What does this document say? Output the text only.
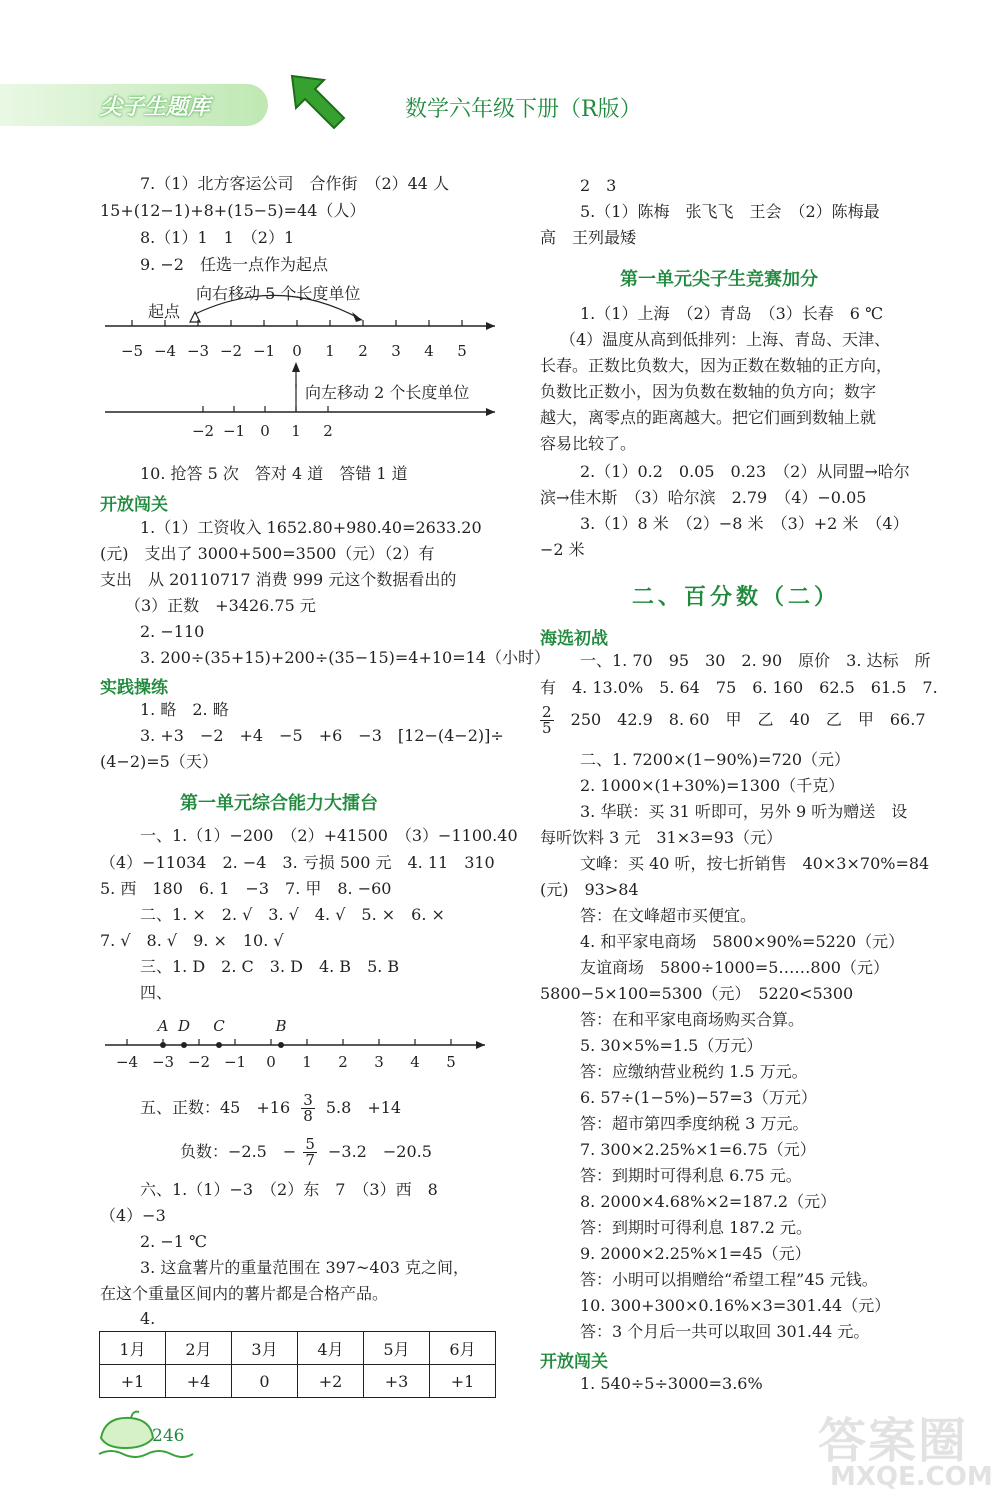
尖子生题库	数学六年级下册（R版）
7.（1）北方客运公司　合作街　（2）44 人
15+(12−1)+8+(15−5)=44（人）
8.（1）1　1　（2）1
9. −2　任选一点作为起点
−5 −4 −3 −2 −1 0 1 2 3 4 5
向右移动 5 个长度单位
起点
向左移动 2 个长度单位
−2 −1 0 1 2
10. 抢答 5 次　答对 4 道　答错 1 道
开放闯关
1.（1）工资收入 1652.80+980.40=2633.20
(元)　支出了 3000+500=3500（元）（2）有
支出　从 20110717 消费 999 元这个数据看出的
（3）正数　+3426.75 元
2. −110
3. 200÷(35+15)+200÷(35−15)=4+10=14（小时）
实践操练
1. 略　2. 略
3. +3　−2　+4　−5　+6　−3　[12−(4−2)]÷
(4−2)=5（天）
第一单元综合能力大擂台
一、1.（1）−200　（2）+41500　（3）−1100.40
（4）−11034　2. −4　3. 亏损 500 元　4. 11　310
5. 西　180　6. 1　−3　7. 甲　8. −60
二、1. ×　2. √　3. √　4. √　5. ×　6. ×
7. √　8. √　9. ×　10. √
三、1. D　2. C　3. D　4. B　5. B
四、
A D C	B
−4 −3 −2 −1 0 1 2 3 4 5
五、正数：45　$+16 \frac{3}{8} 5.8$　+14
负数：−2.5　− $\frac{5}{7} -3.2$　−20.5
六、1.（1）−3　（2）东　7　（3）西　8
（4）−3
2. −1 ℃
3. 这盒薯片的重量范围在 397~403 克之间，
在这个重量区间内的薯片都是合格产品。
4.
1月	2月	3月	4月	5月	6月
+1	+4	0	+2	+3	+1
246
2　3
5.（1）陈梅　张飞飞　王会　（2）陈梅最
高　王列最矮
第一单元尖子生竞赛加分
1.（1）上海　（2）青岛　（3）长春　6 ℃
（4）温度从高到低排列：上海、青岛、天津、
长春。正数比负数大，因为正数在数轴的正方向，
负数比正数小，因为负数在数轴的负方向；数字
越大，离零点的距离越大。把它们画到数轴上就
容易比较了。
2.（1）0.2　0.05　0.23　（2）从同盟→哈尔
滨→佳木斯　（3）哈尔滨　2.79　（4）−0.05
3.（1）8 米　（2）−8 米　（3）+2 米　（4）
−2 米
二、百分数（二）
海选初战
一、1. 70　95　30　2. 90　原价　3. 达标　所
有　4. 13.0%　5. 64　75　6. 160　62.5　61.5　7.
$\frac{2}{5} 250$　42.9　8. 60　甲　乙　40　乙　甲　66.7
二、1. 7200×(1−90%)=720（元）
2. 1000×(1+30%)=1300（千克）
3. 华联：买 31 听即可，另外 9 听为赠送　设
每听饮料 3 元　31×3=93（元）
文峰：买 40 听，按七折销售　40×3×70%=84
(元)　93>84
答：在文峰超市买便宜。
4. 和平家电商场　5800×90%=5220（元）
友谊商场　5800÷1000=5……800（元）
5800−5×100=5300（元）　5220<5300
答：在和平家电商场购买合算。
5. 30×5%=1.5（万元）
答：应缴纳营业税约 1.5 万元。
6. 57÷(1−5%)−57=3（万元）
答：超市第四季度纳税 3 万元。
7. 300×2.25%×1=6.75（元）
答：到期时可得利息 6.75 元。
8. 2000×4.68%×2=187.2（元）
答：到期时可得利息 187.2 元。
9. 2000×2.25%×1=45（元）
答：小明可以捐赠给“希望工程”45 元钱。
10. 300+300×0.16%×3=301.44（元）
答：3 个月后一共可以取回 301.44 元。
开放闯关
1. 540÷5÷3000=3.6%
答案圈
MXQE.COM
